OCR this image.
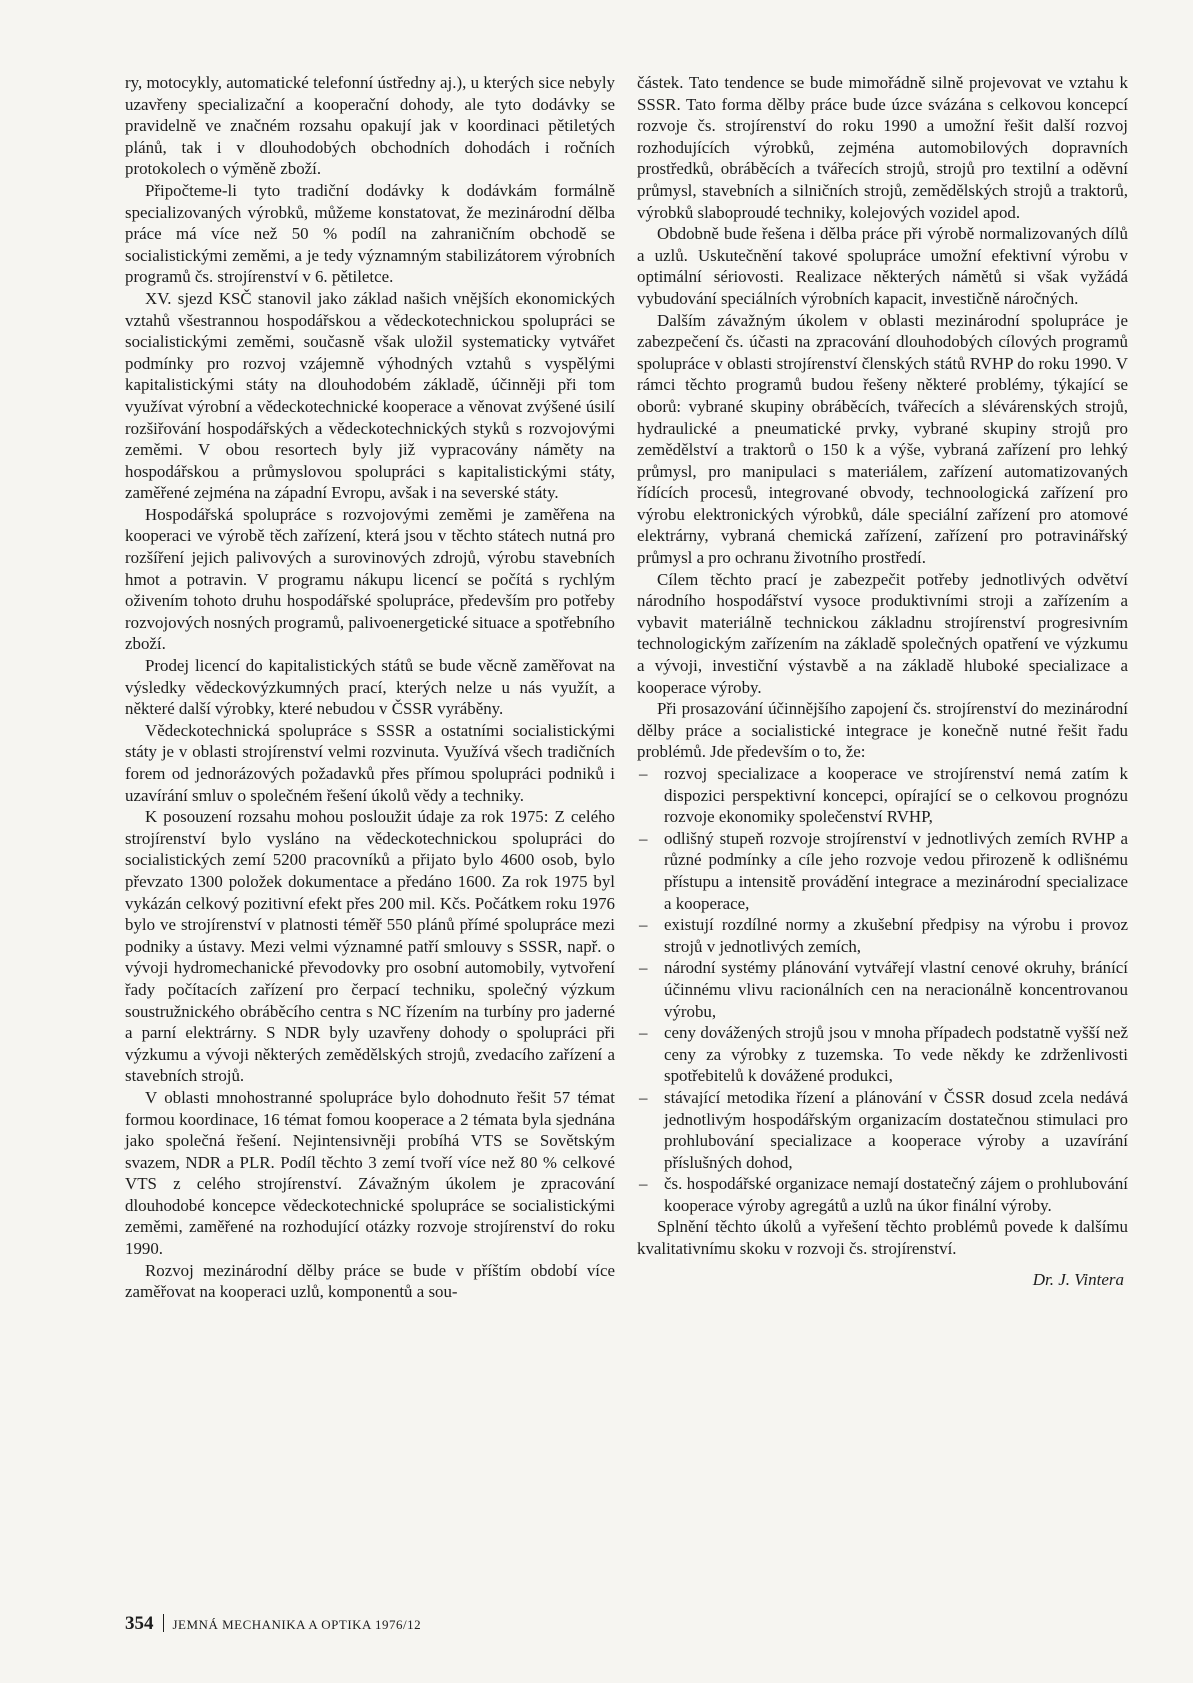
ry, motocykly, automatické telefonní ústředny aj.), u kterých sice nebyly uzavřeny specializační a kooperační dohody, ale tyto dodávky se pravidelně ve značném rozsahu opakují jak v koordinaci pětiletých plánů, tak i v dlouhodobých obchodních dohodách i ročních protokolech o výměně zboží.

Připočteme-li tyto tradiční dodávky k dodávkám formálně specializovaných výrobků, můžeme konstatovat, že mezinárodní dělba práce má více než 50 % podíl na zahraničním obchodě se socialistickými zeměmi, a je tedy významným stabilizátorem výrobních programů čs. strojírenství v 6. pětiletce.

XV. sjezd KSČ stanovil jako základ našich vnějších ekonomických vztahů všestrannou hospodářskou a vědeckotechnickou spolupráci se socialistickými zeměmi, současně však uložil systematicky vytvářet podmínky pro rozvoj vzájemně výhodných vztahů s vyspělými kapitalistickými státy na dlouhodobém základě, účinněji při tom využívat výrobní a vědeckotechnické kooperace a věnovat zvýšené úsilí rozšiřování hospodářských a vědeckotechnických styků s rozvojovými zeměmi. V obou resortech byly již vypracovány náměty na hospodářskou a průmyslovou spolupráci s kapitalistickými státy, zaměřené zejména na západní Evropu, avšak i na severské státy.

Hospodářská spolupráce s rozvojovými zeměmi je zaměřena na kooperaci ve výrobě těch zařízení, která jsou v těchto státech nutná pro rozšíření jejich palivových a surovinových zdrojů, výrobu stavebních hmot a potravin. V programu nákupu licencí se počítá s rychlým oživením tohoto druhu hospodářské spolupráce, především pro potřeby rozvojových nosných programů, palivoenergetické situace a spotřebního zboží.

Prodej licencí do kapitalistických států se bude věcně zaměřovat na výsledky vědeckovýzkumných prací, kterých nelze u nás využít, a některé další výrobky, které nebudou v ČSSR vyráběny.

Vědeckotechnická spolupráce s SSSR a ostatními socialistickými státy je v oblasti strojírenství velmi rozvinuta. Využívá všech tradičních forem od jednorázových požadavků přes přímou spolupráci podniků i uzavírání smluv o společném řešení úkolů vědy a techniky.

K posouzení rozsahu mohou posloužit údaje za rok 1975: Z celého strojírenství bylo vysláno na vědeckotechnickou spolupráci do socialistických zemí 5200 pracovníků a přijato bylo 4600 osob, bylo převzato 1300 položek dokumentace a předáno 1600. Za rok 1975 byl vykázán celkový pozitivní efekt přes 200 mil. Kčs. Počátkem roku 1976 bylo ve strojírenství v platnosti téměř 550 plánů přímé spolupráce mezi podniky a ústavy. Mezi velmi významné patří smlouvy s SSSR, např. o vývoji hydromechanické převodovky pro osobní automobily, vytvoření řady počítacích zařízení pro čerpací techniku, společný výzkum soustružnického obráběcího centra s NC řízením na turbíny pro jaderné a parní elektrárny. S NDR byly uzavřeny dohody o spolupráci při výzkumu a vývoji některých zemědělských strojů, zvedacího zařízení a stavebních strojů.

V oblasti mnohostranné spolupráce bylo dohodnuto řešit 57 témat formou koordinace, 16 témat fomou kooperace a 2 témata byla sjednána jako společná řešení. Nejintensivněji probíhá VTS se Sovětským svazem, NDR a PLR. Podíl těchto 3 zemí tvoří více než 80 % celkové VTS z celého strojírenství. Závažným úkolem je zpracování dlouhodobé koncepce vědeckotechnické spolupráce se socialistickými zeměmi, zaměřené na rozhodující otázky rozvoje strojírenství do roku 1990.

Rozvoj mezinárodní dělby práce se bude v příštím období více zaměřovat na kooperaci uzlů, komponentů a sou-

částek. Tato tendence se bude mimořádně silně projevovat ve vztahu k SSSR. Tato forma dělby práce bude úzce svázána s celkovou koncepcí rozvoje čs. strojírenství do roku 1990 a umožní řešit další rozvoj rozhodujících výrobků, zejména automobilových dopravních prostředků, obráběcích a tvářecích strojů, strojů pro textilní a oděvní průmysl, stavebních a silničních strojů, zemědělských strojů a traktorů, výrobků slaboproudé techniky, kolejových vozidel apod.

Obdobně bude řešena i dělba práce při výrobě normalizovaných dílů a uzlů. Uskutečnění takové spolupráce umožní efektivní výrobu v optimální sériovosti. Realizace některých námětů si však vyžádá vybudování speciálních výrobních kapacit, investičně náročných.

Dalším závažným úkolem v oblasti mezinárodní spolupráce je zabezpečení čs. účasti na zpracování dlouhodobých cílových programů spolupráce v oblasti strojírenství členských států RVHP do roku 1990. V rámci těchto programů budou řešeny některé problémy, týkající se oborů: vybrané skupiny obráběcích, tvářecích a slévárenských strojů, hydraulické a pneumatické prvky, vybrané skupiny strojů pro zemědělství a traktorů o 150 k a výše, vybraná zařízení pro lehký průmysl, pro manipulaci s materiálem, zařízení automatizovaných řídících procesů, integrované obvody, technoologická zařízení pro výrobu elektronických výrobků, dále speciální zařízení pro atomové elektrárny, vybraná chemická zařízení, zařízení pro potravinářský průmysl a pro ochranu životního prostředí.

Cílem těchto prací je zabezpečit potřeby jednotlivých odvětví národního hospodářství vysoce produktivními stroji a zařízením a vybavit materiálně technickou základnu strojírenství progresivním technologickým zařízením na základě společných opatření ve výzkumu a vývoji, investiční výstavbě a na základě hluboké specializace a kooperace výroby.

Při prosazování účinnějšího zapojení čs. strojírenství do mezinárodní dělby práce a socialistické integrace je konečně nutné řešit řadu problémů. Jde především o to, že:

– rozvoj specializace a kooperace ve strojírenství nemá zatím k dispozici perspektivní koncepci, opírající se o celkovou prognózu rozvoje ekonomiky společenství RVHP,
– odlišný stupeň rozvoje strojírenství v jednotlivých zemích RVHP a různé podmínky a cíle jeho rozvoje vedou přirozeně k odlišnému přístupu a intensitě provádění integrace a mezinárodní specializace a kooperace,
– existují rozdílné normy a zkušební předpisy na výrobu i provoz strojů v jednotlivých zemích,
– národní systémy plánování vytvářejí vlastní cenové okruhy, bránící účinnému vlivu racionálních cen na neracionálně koncentrovanou výrobu,
– ceny dovážených strojů jsou v mnoha případech podstatně vyšší než ceny za výrobky z tuzemska. To vede někdy ke zdrženlivosti spotřebitelů k dovážené produkci,
– stávající metodika řízení a plánování v ČSSR dosud zcela nedává jednotlivým hospodářským organizacím dostatečnou stimulaci pro prohlubování specializace a kooperace výroby a uzavírání příslušných dohod,
– čs. hospodářské organizace nemají dostatečný zájem o prohlubování kooperace výroby agregátů a uzlů na úkor finální výroby.

Splnění těchto úkolů a vyřešení těchto problémů povede k dalšímu kvalitativnímu skoku v rozvoji čs. strojírenství.

Dr. J. Vintera
354 JEMNÁ MECHANIKA A OPTIKA 1976/12
